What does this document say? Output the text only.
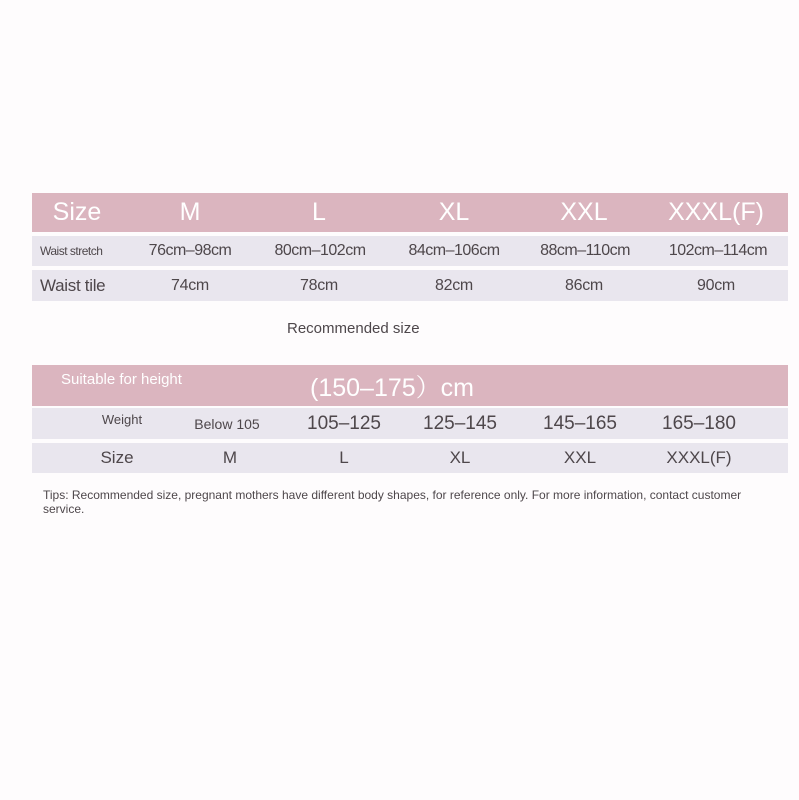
Size	M	L	XL	XXL	XXXL(F)
Waist stretch	76cm–98cm	80cm–102cm	84cm–106cm	88cm–110cm	102cm–114cm
Waist tile	74cm	78cm	82cm	86cm	90cm
Recommended size
Suitable for height	(150–175）cm
Weight	Below 105	105–125	125–145	145–165	165–180
Size	M	L	XL	XXL	XXXL(F)
Tips: Recommended size, pregnant mothers have different body shapes, for reference only. For more information, contact customer service.
